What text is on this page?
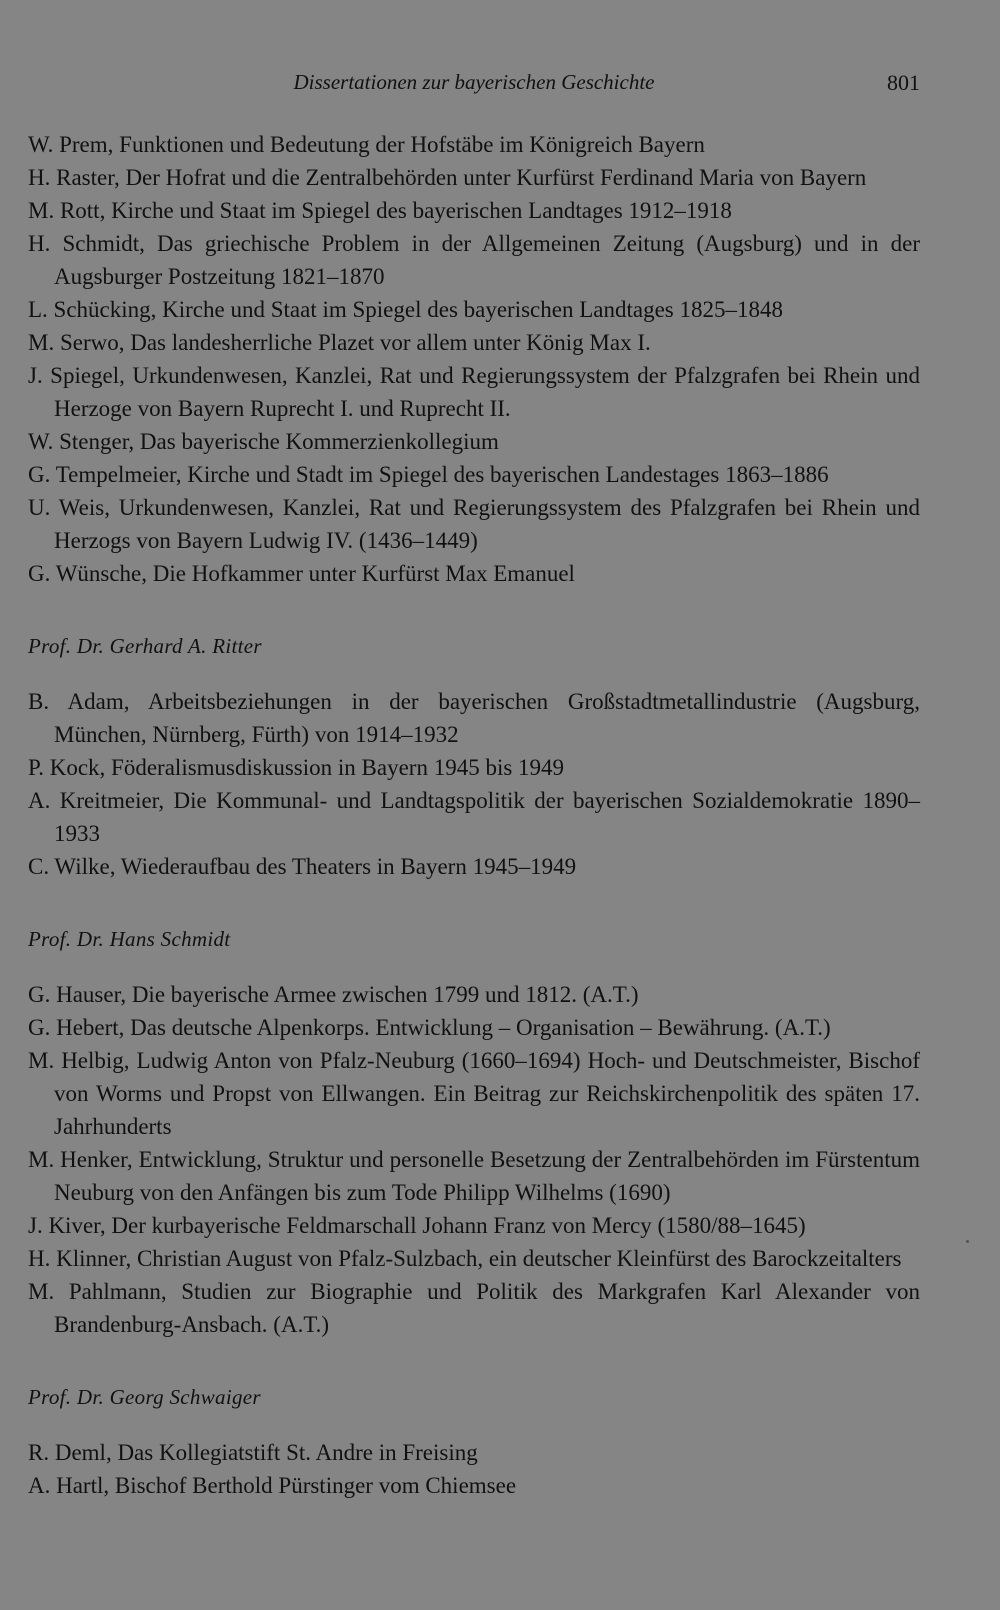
Dissertationen zur bayerischen Geschichte	801
W. Prem, Funktionen und Bedeutung der Hofstäbe im Königreich Bayern
H. Raster, Der Hofrat und die Zentralbehörden unter Kurfürst Ferdinand Maria von Bayern
M. Rott, Kirche und Staat im Spiegel des bayerischen Landtages 1912–1918
H. Schmidt, Das griechische Problem in der Allgemeinen Zeitung (Augsburg) und in der Augsburger Postzeitung 1821–1870
L. Schücking, Kirche und Staat im Spiegel des bayerischen Landtages 1825–1848
M. Serwo, Das landesherrliche Plazet vor allem unter König Max I.
J. Spiegel, Urkundenwesen, Kanzlei, Rat und Regierungssystem der Pfalzgrafen bei Rhein und Herzoge von Bayern Ruprecht I. und Ruprecht II.
W. Stenger, Das bayerische Kommerzienkollegium
G. Tempelmeier, Kirche und Stadt im Spiegel des bayerischen Landestages 1863–1886
U. Weis, Urkundenwesen, Kanzlei, Rat und Regierungssystem des Pfalzgrafen bei Rhein und Herzogs von Bayern Ludwig IV. (1436–1449)
G. Wünsche, Die Hofkammer unter Kurfürst Max Emanuel
Prof. Dr. Gerhard A. Ritter
B. Adam, Arbeitsbeziehungen in der bayerischen Großstadtmetallindustrie (Augsburg, München, Nürnberg, Fürth) von 1914–1932
P. Kock, Föderalismusdiskussion in Bayern 1945 bis 1949
A. Kreitmeier, Die Kommunal- und Landtagspolitik der bayerischen Sozialdemokratie 1890–1933
C. Wilke, Wiederaufbau des Theaters in Bayern 1945–1949
Prof. Dr. Hans Schmidt
G. Hauser, Die bayerische Armee zwischen 1799 und 1812. (A.T.)
G. Hebert, Das deutsche Alpenkorps. Entwicklung – Organisation – Bewährung. (A.T.)
M. Helbig, Ludwig Anton von Pfalz-Neuburg (1660–1694) Hoch- und Deutschmeister, Bischof von Worms und Propst von Ellwangen. Ein Beitrag zur Reichskirchenpolitik des späten 17. Jahrhunderts
M. Henker, Entwicklung, Struktur und personelle Besetzung der Zentralbehörden im Fürstentum Neuburg von den Anfängen bis zum Tode Philipp Wilhelms (1690)
J. Kiver, Der kurbayerische Feldmarschall Johann Franz von Mercy (1580/88–1645)
H. Klinner, Christian August von Pfalz-Sulzbach, ein deutscher Kleinfürst des Barockzeitalters
M. Pahlmann, Studien zur Biographie und Politik des Markgrafen Karl Alexander von Brandenburg-Ansbach. (A.T.)
Prof. Dr. Georg Schwaiger
R. Deml, Das Kollegiatstift St. Andre in Freising
A. Hartl, Bischof Berthold Pürstinger vom Chiemsee
